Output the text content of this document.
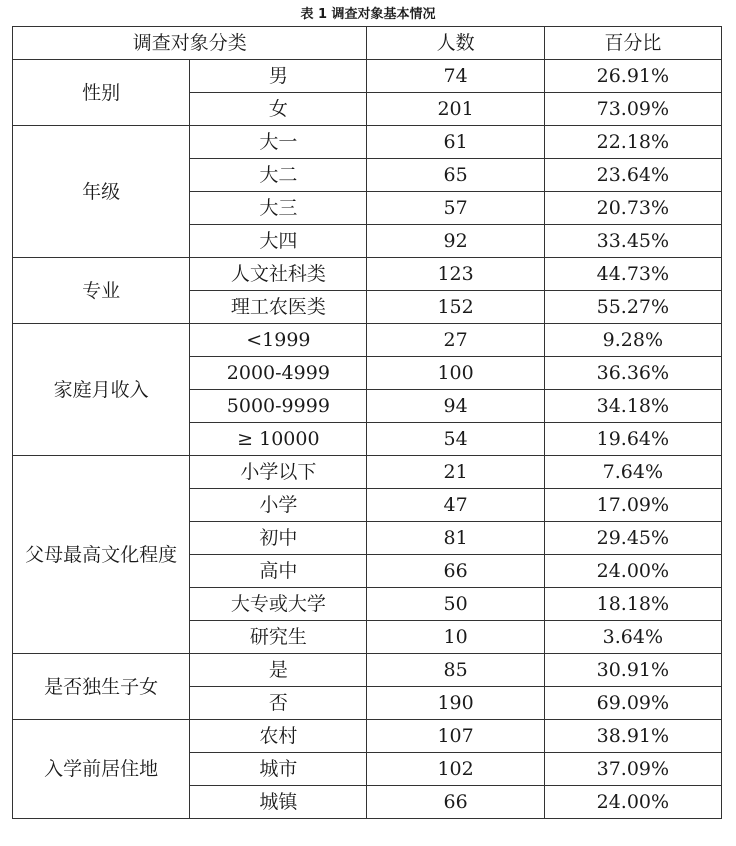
表 1 调查对象基本情况
调查对象分类		人数	百分比
性别	男	74	26.91%
	女	201	73.09%
年级	大一	61	22.18%
	大二	65	23.64%
	大三	57	20.73%
	大四	92	33.45%
专业	人文社科类	123	44.73%
	理工农医类	152	55.27%
家庭月收入	<1999	27	9.28%
	2000-4999	100	36.36%
	5000-9999	94	34.18%
	≥ 10000	54	19.64%
父母最高文化程度	小学以下	21	7.64%
	小学	47	17.09%
	初中	81	29.45%
	高中	66	24.00%
	大专或大学	50	18.18%
	研究生	10	3.64%
是否独生子女	是	85	30.91%
	否	190	69.09%
入学前居住地	农村	107	38.91%
	城市	102	37.09%
	城镇	66	24.00%
